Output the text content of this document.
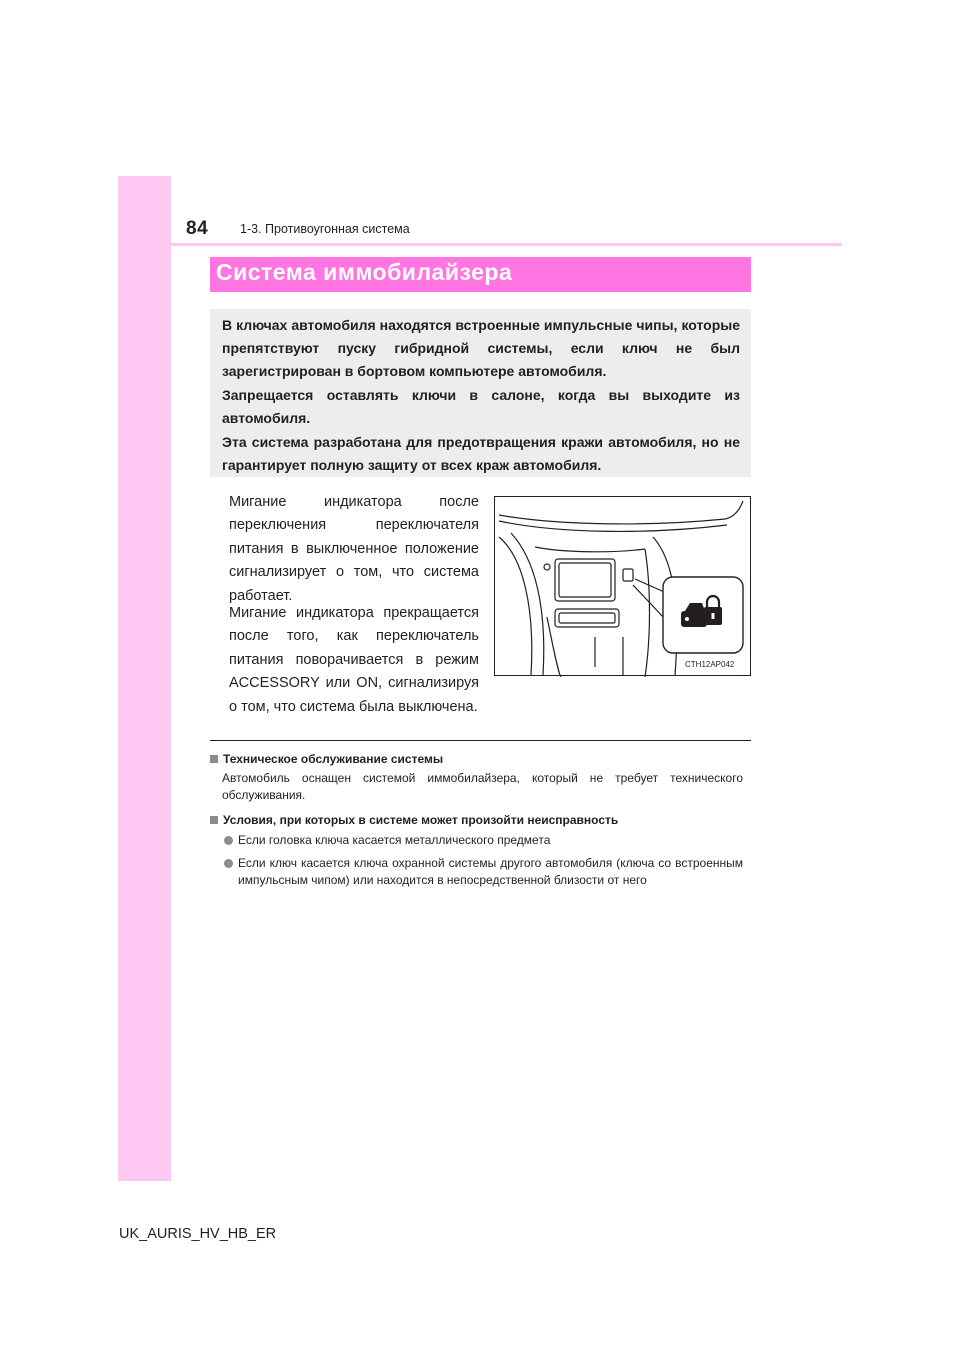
84	1-3. Противоугонная система
Система иммобилайзера

В ключах автомобиля находятся встроенные импульсные чипы, которые препятствуют пуску гибридной системы, если ключ не был зарегистрирован в бортовом компьютере автомобиля.

Запрещается оставлять ключи в салоне, когда вы выходите из автомобиля.

Эта система разработана для предотвращения кражи автомобиля, но не гарантирует полную защиту от всех краж автомобиля.

Мигание индикатора после переключения переключателя питания в выключенное положение сигнализирует о том, что система работает.

Мигание индикатора прекращается после того, как переключатель питания поворачивается в режим ACCESSORY или ON, сигнализируя о том, что система была выключена.

CTH12AP042

Техническое обслуживание системы

Автомобиль оснащен системой иммобилайзера, который не требует технического обслуживания.

Условия, при которых в системе может произойти неисправность

Если головка ключа касается металлического предмета
Если ключ касается ключа охранной системы другого автомобиля (ключа со встроенным импульсным чипом) или находится в непосредственной близости от него
UK_AURIS_HV_HB_ER
